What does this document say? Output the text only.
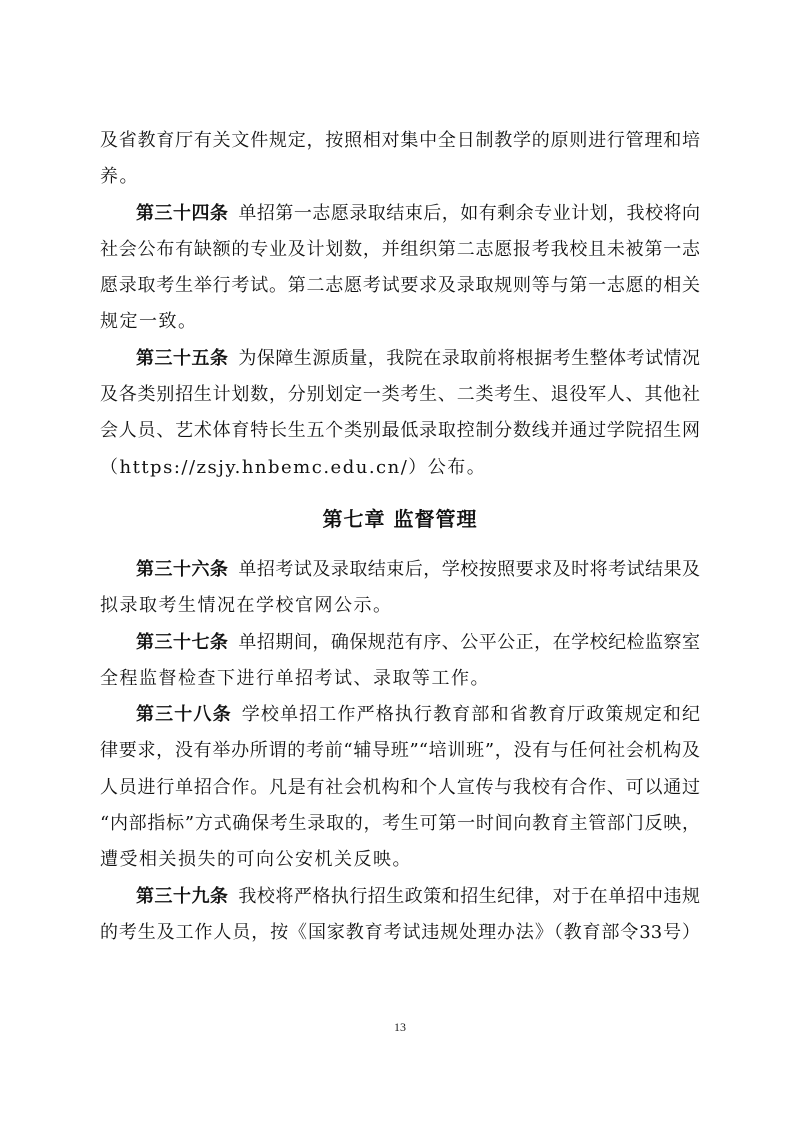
及省教育厅有关文件规定，按照相对集中全日制教学的原则进行管理和培
养。
第三十四条 单招第一志愿录取结束后，如有剩余专业计划，我校将向
社会公布有缺额的专业及计划数，并组织第二志愿报考我校且未被第一志
愿录取考生举行考试。第二志愿考试要求及录取规则等与第一志愿的相关
规定一致。
第三十五条 为保障生源质量，我院在录取前将根据考生整体考试情况
及各类别招生计划数，分别划定一类考生、二类考生、退役军人、其他社
会人员、艺术体育特长生五个类别最低录取控制分数线并通过学院招生网
（https://zsjy.hnbemc.edu.cn/）公布。
第七章 监督管理
第三十六条 单招考试及录取结束后，学校按照要求及时将考试结果及
拟录取考生情况在学校官网公示。
第三十七条 单招期间，确保规范有序、公平公正，在学校纪检监察室
全程监督检查下进行单招考试、录取等工作。
第三十八条 学校单招工作严格执行教育部和省教育厅政策规定和纪
律要求，没有举办所谓的考前“辅导班”“培训班”，没有与任何社会机构及
人员进行单招合作。凡是有社会机构和个人宣传与我校有合作、可以通过
“内部指标”方式确保考生录取的，考生可第一时间向教育主管部门反映，
遭受相关损失的可向公安机关反映。
第三十九条 我校将严格执行招生政策和招生纪律，对于在单招中违规
的考生及工作人员，按《国家教育考试违规处理办法》（教育部令33号）
13
